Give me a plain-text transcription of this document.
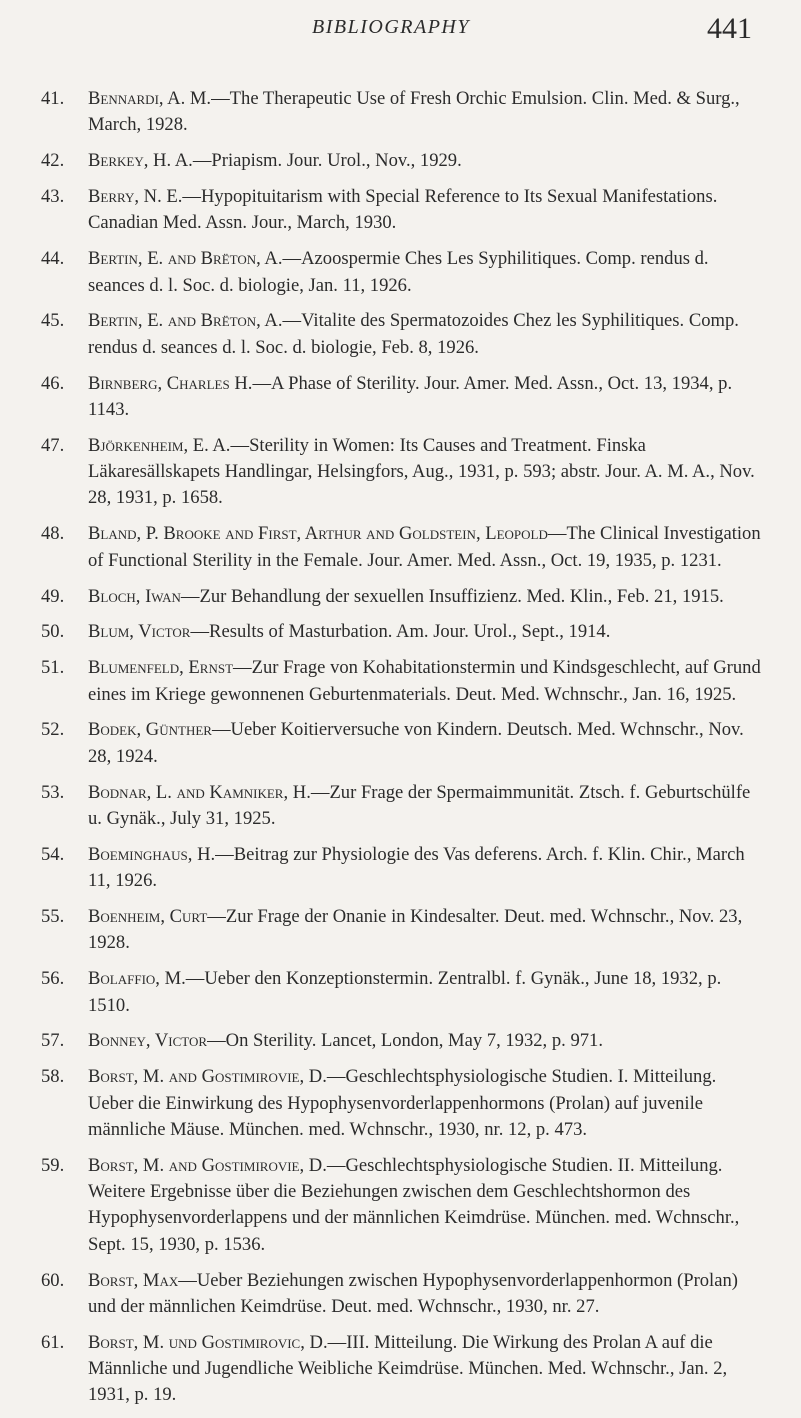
BIBLIOGRAPHY	441
41.	Bennardi, A. M.—The Therapeutic Use of Fresh Orchic Emulsion. Clin. Med. & Surg., March, 1928.
42.	Berkey, H. A.—Priapism. Jour. Urol., Nov., 1929.
43.	Berry, N. E.—Hypopituitarism with Special Reference to Its Sexual Manifestations. Canadian Med. Assn. Jour., March, 1930.
44.	Bertin, E. and Brëton, A.—Azoospermie Ches Les Syphilitiques. Comp. rendus d. seances d. l. Soc. d. biologie, Jan. 11, 1926.
45.	Bertin, E. and Brëton, A.—Vitalite des Spermatozoides Chez les Syphilitiques. Comp. rendus d. seances d. l. Soc. d. biologie, Feb. 8, 1926.
46.	Birnberg, Charles H.—A Phase of Sterility. Jour. Amer. Med. Assn., Oct. 13, 1934, p. 1143.
47.	Björkenheim, E. A.—Sterility in Women: Its Causes and Treatment. Finska Läkaresällskapets Handlingar, Helsingfors, Aug., 1931, p. 593; abstr. Jour. A. M. A., Nov. 28, 1931, p. 1658.
48.	Bland, P. Brooke and First, Arthur and Goldstein, Leopold—The Clinical Investigation of Functional Sterility in the Female. Jour. Amer. Med. Assn., Oct. 19, 1935, p. 1231.
49.	Bloch, Iwan—Zur Behandlung der sexuellen Insuffizienz. Med. Klin., Feb. 21, 1915.
50.	Blum, Victor—Results of Masturbation. Am. Jour. Urol., Sept., 1914.
51.	Blumenfeld, Ernst—Zur Frage von Kohabitationstermin und Kindsgeschlecht, auf Grund eines im Kriege gewonnenen Geburtenmaterials. Deut. Med. Wchnschr., Jan. 16, 1925.
52.	Bodek, Günther—Ueber Koitierversuche von Kindern. Deutsch. Med. Wchnschr., Nov. 28, 1924.
53.	Bodnar, L. and Kamniker, H.—Zur Frage der Spermaimmunität. Ztsch. f. Geburtschülfe u. Gynäk., July 31, 1925.
54.	Boeminghaus, H.—Beitrag zur Physiologie des Vas deferens. Arch. f. Klin. Chir., March 11, 1926.
55.	Boenheim, Curt—Zur Frage der Onanie in Kindesalter. Deut. med. Wchnschr., Nov. 23, 1928.
56.	Bolaffio, M.—Ueber den Konzeptionstermin. Zentralbl. f. Gynäk., June 18, 1932, p. 1510.
57.	Bonney, Victor—On Sterility. Lancet, London, May 7, 1932, p. 971.
58.	Borst, M. and Gostimirovie, D.—Geschlechtsphysiologische Studien. I. Mitteilung. Ueber die Einwirkung des Hypophysenvorderlappenhormons (Prolan) auf juvenile männliche Mäuse. München. med. Wchnschr., 1930, nr. 12, p. 473.
59.	Borst, M. and Gostimirovie, D.—Geschlechtsphysiologische Studien. II. Mitteilung. Weitere Ergebnisse über die Beziehungen zwischen dem Geschlechtshormon des Hypophysenvorderlappens und der männlichen Keimdrüse. München. med. Wchnschr., Sept. 15, 1930, p. 1536.
60.	Borst, Max—Ueber Beziehungen zwischen Hypophysenvorderlappenhormon (Prolan) und der männlichen Keimdrüse. Deut. med. Wchnschr., 1930, nr. 27.
61.	Borst, M. und Gostimirovic, D.—III. Mitteilung. Die Wirkung des Prolan A auf die Männliche und Jugendliche Weibliche Keimdrüse. München. Med. Wchnschr., Jan. 2, 1931, p. 19.
